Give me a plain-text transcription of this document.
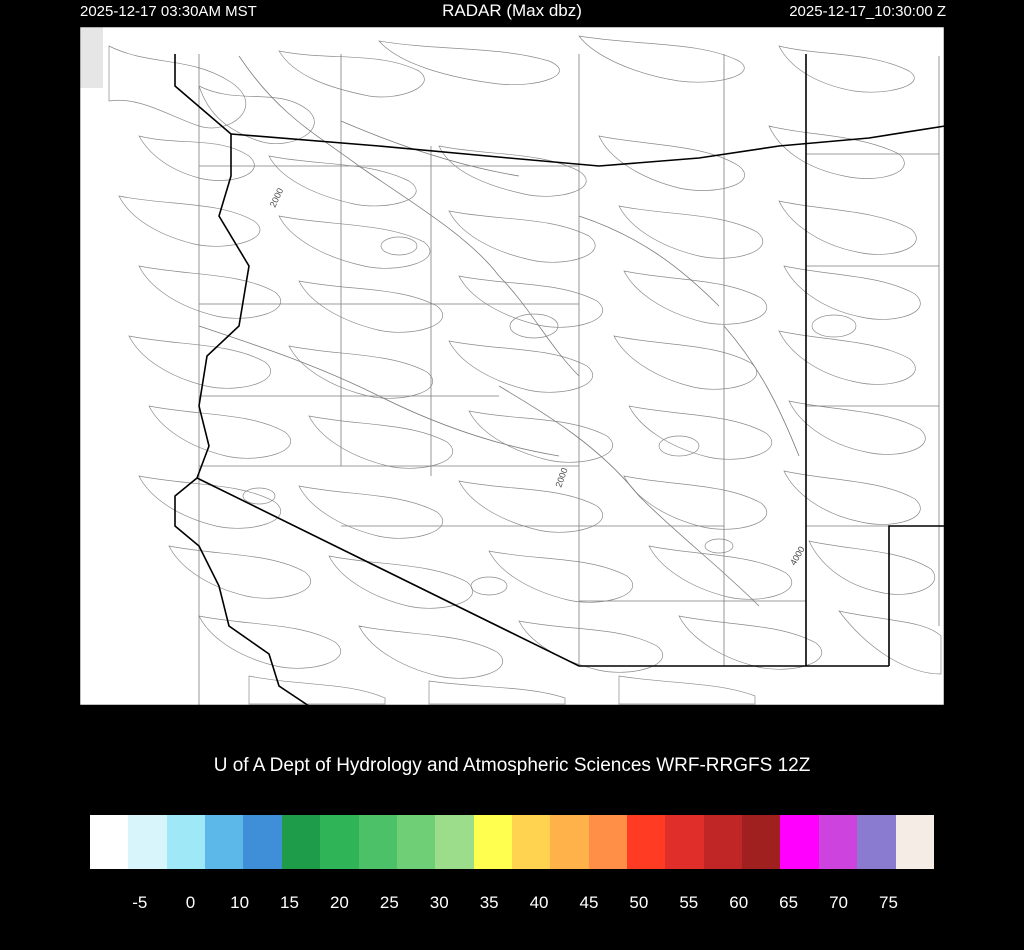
2025-12-17 03:30AM MST	RADAR (Max dbz)	2025-12-17_10:30:00 Z
2000
2000
4000
U of A Dept of Hydrology and Atmospheric Sciences WRF-RRGFS 12Z
-5 0 10 15 20 25 30 35 40 45 50 55 60 65 70 75
